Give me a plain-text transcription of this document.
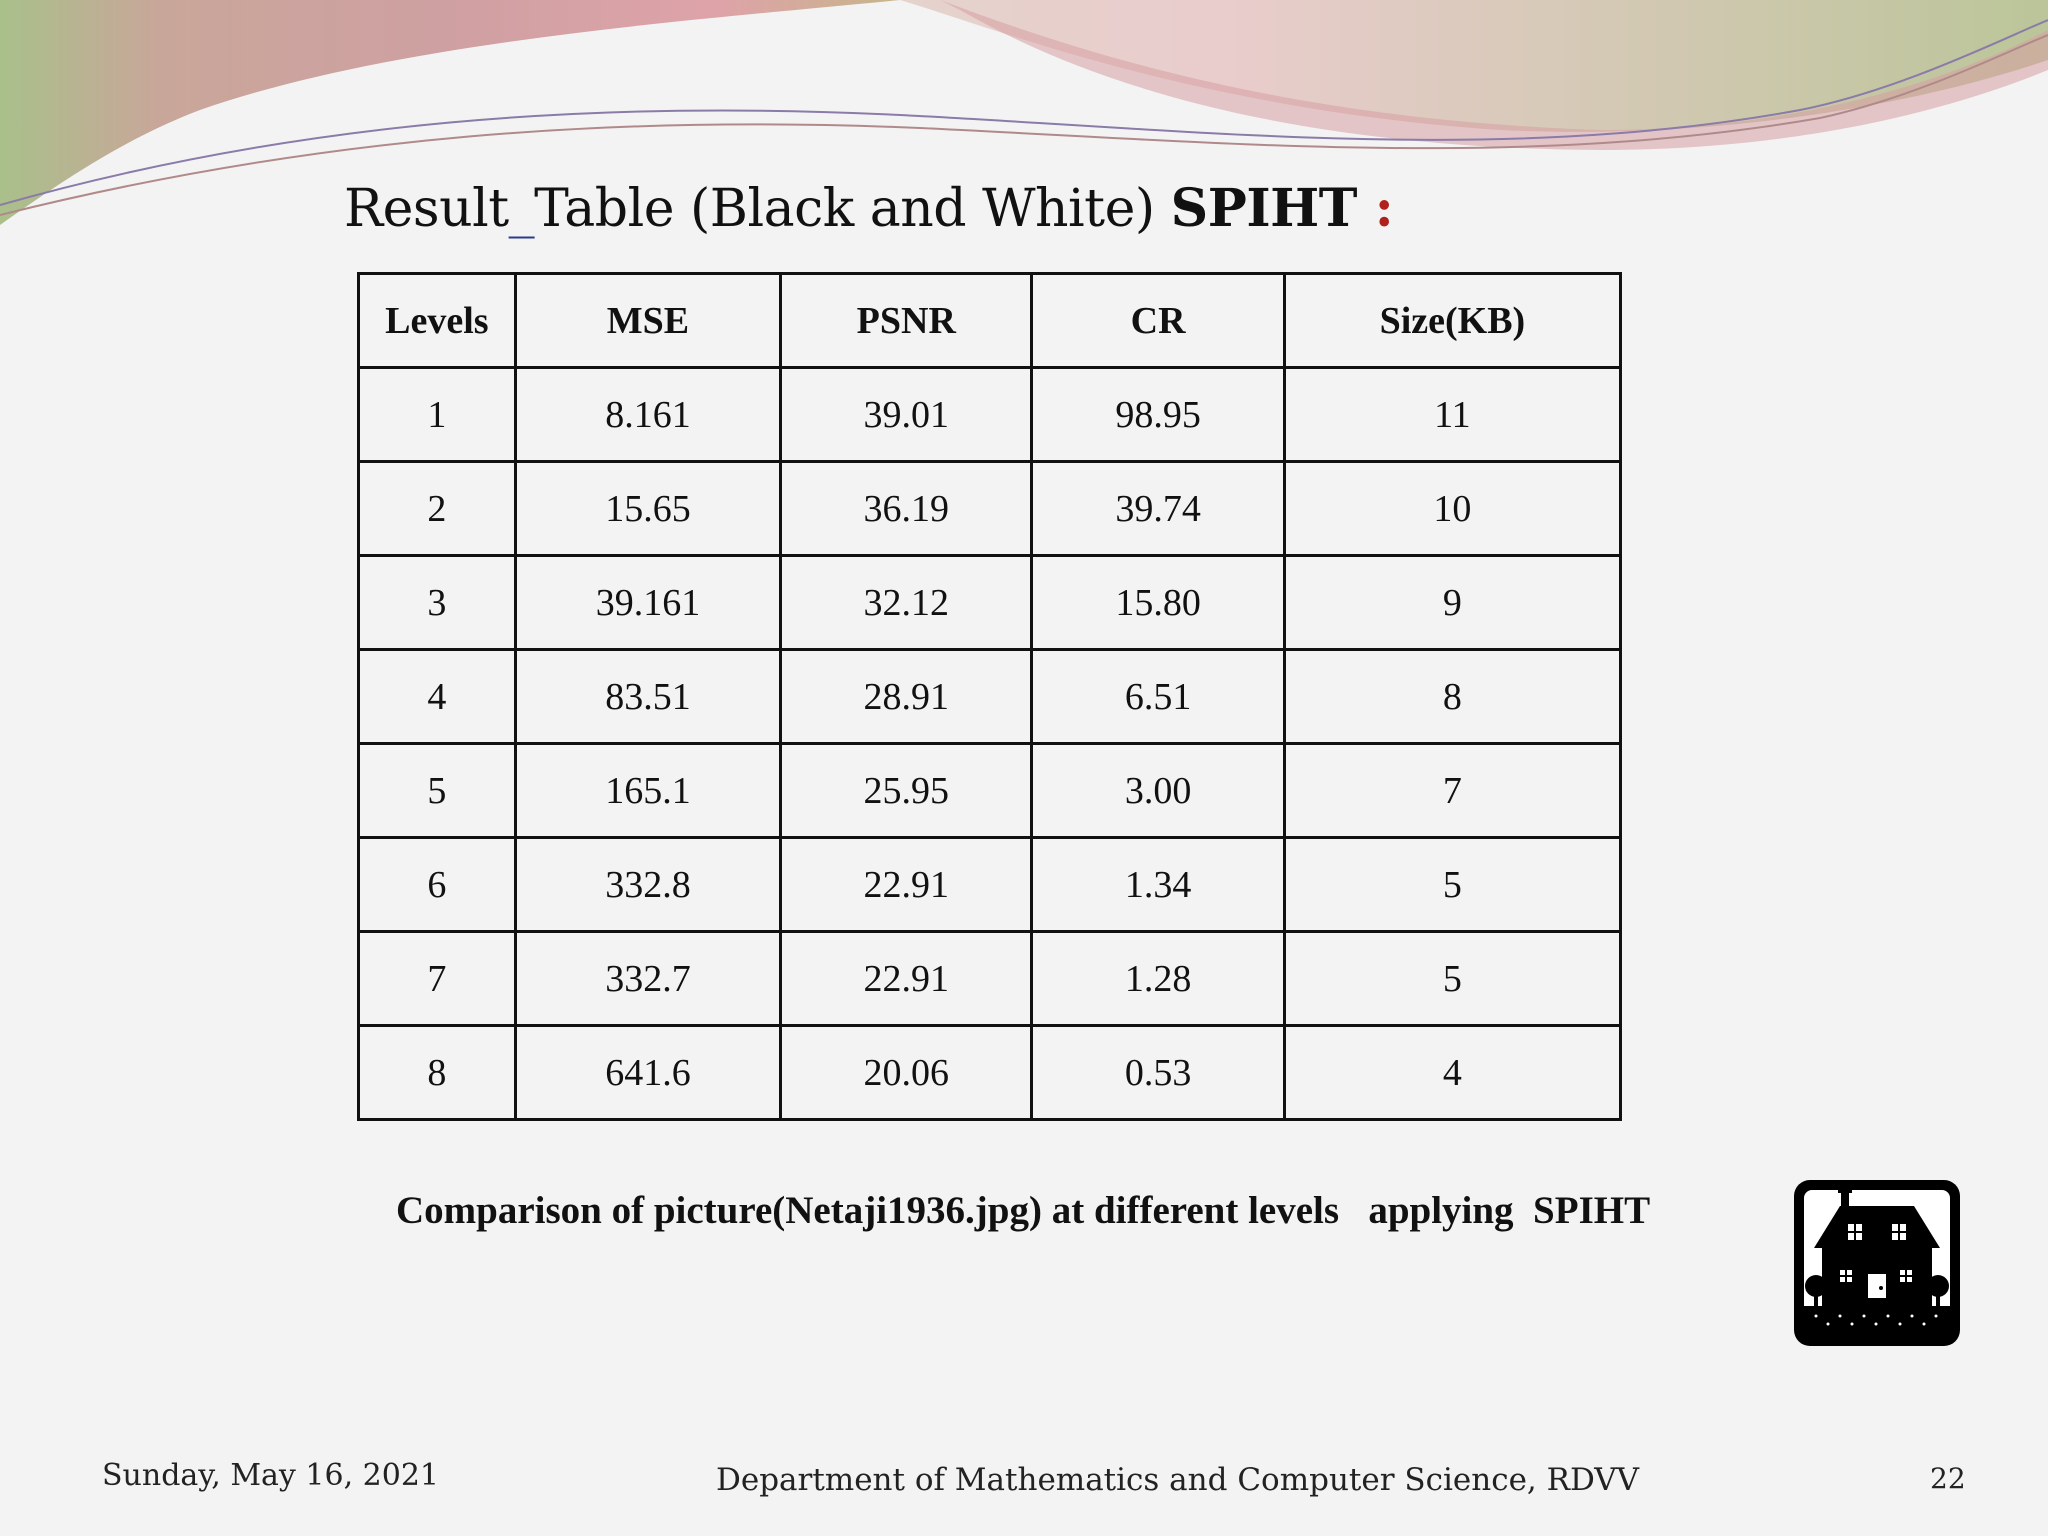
Result_Table (Black and White) SPIHT :
Levels	MSE	PSNR	CR	Size(KB)
1	8.161	39.01	98.95	11
2	15.65	36.19	39.74	10
3	39.161	32.12	15.80	9
4	83.51	28.91	6.51	8
5	165.1	25.95	3.00	7
6	332.8	22.91	1.34	5
7	332.7	22.91	1.28	5
8	641.6	20.06	0.53	4
Comparison of picture(Netaji1936.jpg) at different levels   applying  SPIHT
Sunday, May 16, 2021	Department of Mathematics and Computer Science, RDVV	22
